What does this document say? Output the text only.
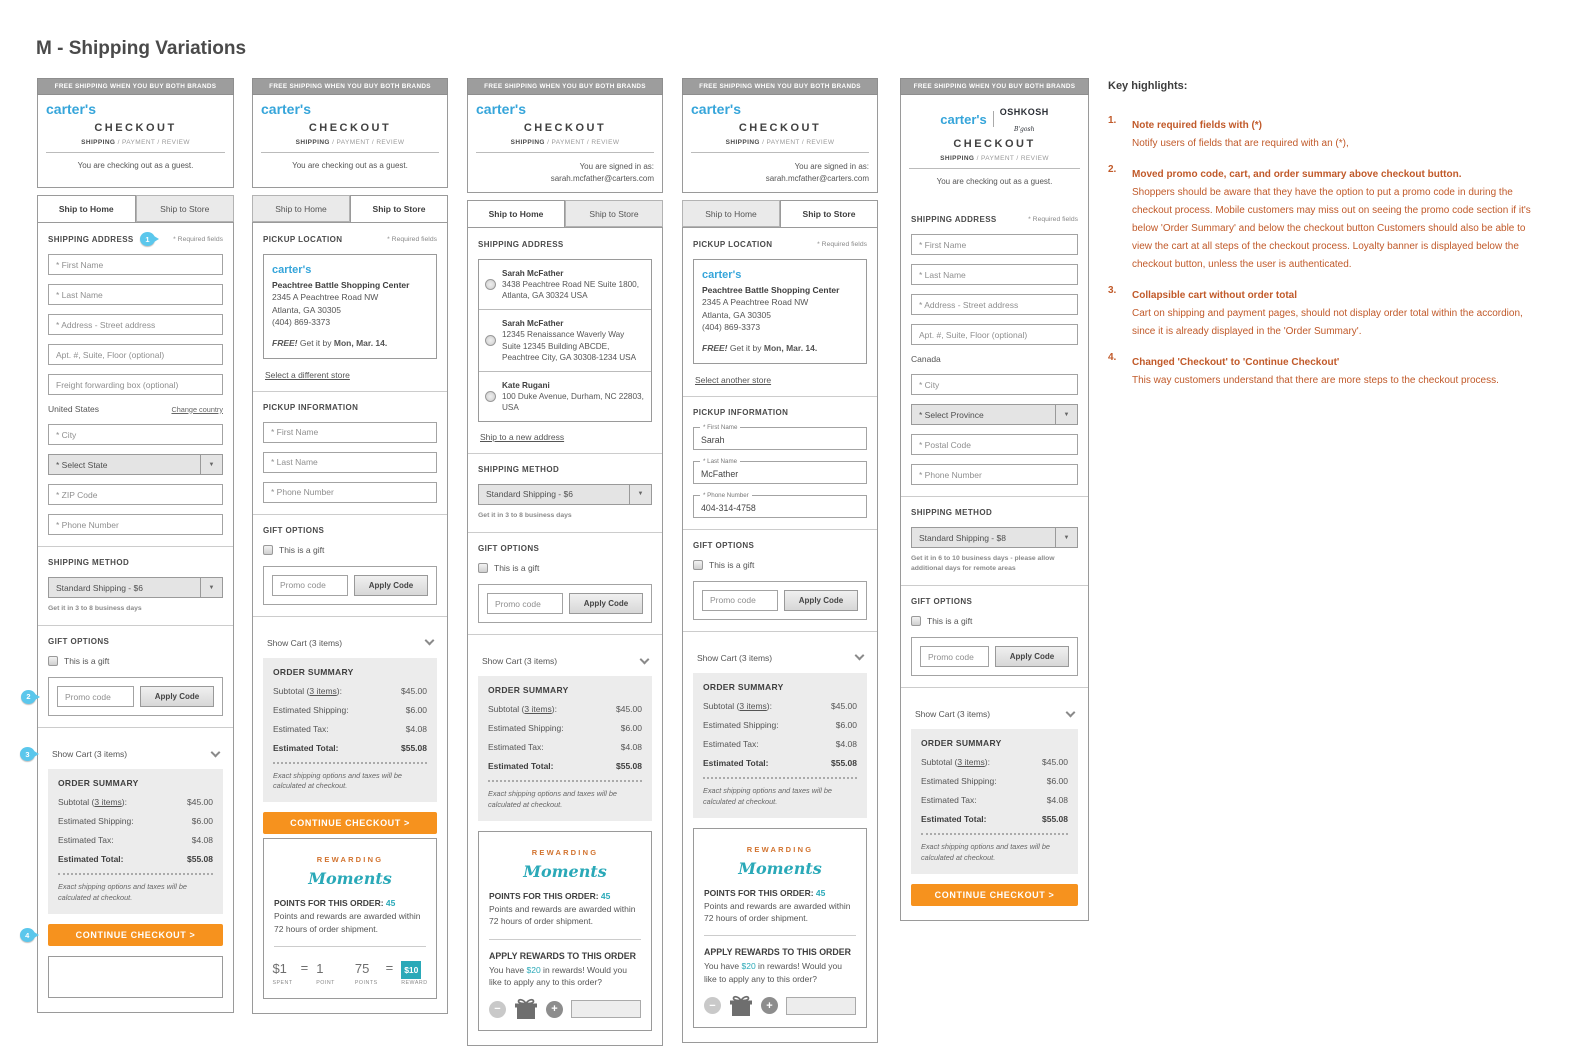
M - Shipping Variations
FREE SHIPPING WHEN YOU BUY BOTH BRANDS
carter's
CHECKOUT
SHIPPING / PAYMENT / REVIEW
You are checking out as a guest.
Ship to Home	Ship to Store
SHIPPING ADDRESS	1	* Required fields
* First Name
* Last Name
* Address - Street address
Apt. #, Suite, Floor (optional)
Freight forwarding box (optional)
United States	Change country
* City
* Select State	▼
* ZIP Code
* Phone Number
SHIPPING METHOD
Standard Shipping - $6	▼
Get it in 3 to 8 business days
GIFT OPTIONS
This is a gift
2
Promo code	Apply Code
3	Show Cart (3 items)
ORDER SUMMARY
Subtotal (3 items):	$45.00
Estimated Shipping:	$6.00
Estimated Tax:	$4.08
Estimated Total:	$55.08
Exact shipping options and taxes will be calculated at checkout.
4	CONTINUE CHECKOUT >
FREE SHIPPING WHEN YOU BUY BOTH BRANDS
carter's
CHECKOUT
SHIPPING / PAYMENT / REVIEW
You are checking out as a guest.
Ship to Home	Ship to Store
PICKUP LOCATION	* Required fields
carter's
Peachtree Battle Shopping Center
2345 A Peachtree Road NW
Atlanta, GA 30305
(404) 869-3373
FREE! Get it by Mon, Mar. 14.
Select a different store
PICKUP INFORMATION
* First Name
* Last Name
* Phone Number
GIFT OPTIONS
This is a gift
Promo code
Apply Code
Show Cart (3 items)
ORDER SUMMARY
Subtotal (3 items):	$45.00
Estimated Shipping:	$6.00
Estimated Tax:	$4.08
Estimated Total:	$55.08
Exact shipping options and taxes will be calculated at checkout.
CONTINUE CHECKOUT >
REWARDING Moments
POINTS FOR THIS ORDER: 45
Points and rewards are awarded within 72 hours of order shipment.
$1
SPENT
= 1
POINT
75
POINTS
=	$10
REWARD
FREE SHIPPING WHEN YOU BUY BOTH BRANDS
carter's
CHECKOUT
SHIPPING / PAYMENT / REVIEW
You are signed in as:
sarah.mcfather@carters.com
Ship to Home	Ship to Store
SHIPPING ADDRESS
Sarah McFather
3438 Peachtree Road NE Suite 1800, Atlanta, GA 30324 USA
Sarah McFather
12345 Renaissance Waverly Way Suite 12345 Building ABCDE, Peachtree City, GA 30308-1234 USA
Kate Rugani
100 Duke Avenue, Durham, NC 22803, USA
Ship to a new address
SHIPPING METHOD
Standard Shipping - $6	▼
Get it in 3 to 8 business days
GIFT OPTIONS
This is a gift
Promo code
Apply Code
Show Cart (3 items)
ORDER SUMMARY
Subtotal (3 items):	$45.00
Estimated Shipping:	$6.00
Estimated Tax:	$4.08
Estimated Total:	$55.08
Exact shipping options and taxes will be calculated at checkout.
REWARDING Moments
POINTS FOR THIS ORDER: 45
Points and rewards are awarded within 72 hours of order shipment.
APPLY REWARDS TO THIS ORDER
You have $20 in rewards! Would you like to apply any to this order?
−	+
FREE SHIPPING WHEN YOU BUY BOTH BRANDS
carter's
CHECKOUT
SHIPPING / PAYMENT / REVIEW
You are signed in as:
sarah.mcfather@carters.com
Ship to Home	Ship to Store
PICKUP LOCATION	* Required fields
carter's
Peachtree Battle Shopping Center
2345 A Peachtree Road NW
Atlanta, GA 30305
(404) 869-3373
FREE! Get it by Mon, Mar. 14.
Select another store
PICKUP INFORMATION
* First Name
Sarah
* Last Name
McFather
* Phone Number
404-314-4758
GIFT OPTIONS
This is a gift
Promo code
Apply Code
Show Cart (3 items)
ORDER SUMMARY
Subtotal (3 items):	$45.00
Estimated Shipping:	$6.00
Estimated Tax:	$4.08
Estimated Total:	$55.08
Exact shipping options and taxes will be calculated at checkout.
REWARDING Moments
POINTS FOR THIS ORDER: 45
Points and rewards are awarded within 72 hours of order shipment.
APPLY REWARDS TO THIS ORDER
You have $20 in rewards! Would you like to apply any to this order?
−	+
FREE SHIPPING WHEN YOU BUY BOTH BRANDS
carter's OSHKOSH
B'gosh
CHECKOUT
SHIPPING / PAYMENT / REVIEW
You are checking out as a guest.
SHIPPING ADDRESS	* Required fields
* First Name
* Last Name
* Address - Street address
Apt. #, Suite, Floor (optional)
Canada
* City
* Select Province	▼
* Postal Code
* Phone Number
SHIPPING METHOD
Standard Shipping - $8	▼
Get it in 6 to 10 business days - please allow additional days for remote areas
GIFT OPTIONS
This is a gift
Promo code
Apply Code
Show Cart (3 items)
ORDER SUMMARY
Subtotal (3 items):	$45.00
Estimated Shipping:	$6.00
Estimated Tax:	$4.08
Estimated Total:	$55.08
Exact shipping options and taxes will be calculated at checkout.
CONTINUE CHECKOUT >
Key highlights:
1.	Note required fields with (*)
Notify users of fields that are required with an (*),
2.	Moved promo code, cart, and order summary above checkout button.
Shoppers should be aware that they have the option to put a promo code in during the checkout process. Mobile customers may miss out on seeing the promo code section if it's below 'Order Summary' and below the checkout button Customers should also be able to view the cart at all steps of the checkout process. Loyalty banner is displayed below the checkout button, unless the user is authenticated.
3.	Collapsible cart without order total
Cart on shipping and payment pages, should not display order total within the accordion, since it is already displayed in the 'Order Summary'.
4.	Changed 'Checkout' to 'Continue Checkout'
This way customers understand that there are more steps to the checkout process.
